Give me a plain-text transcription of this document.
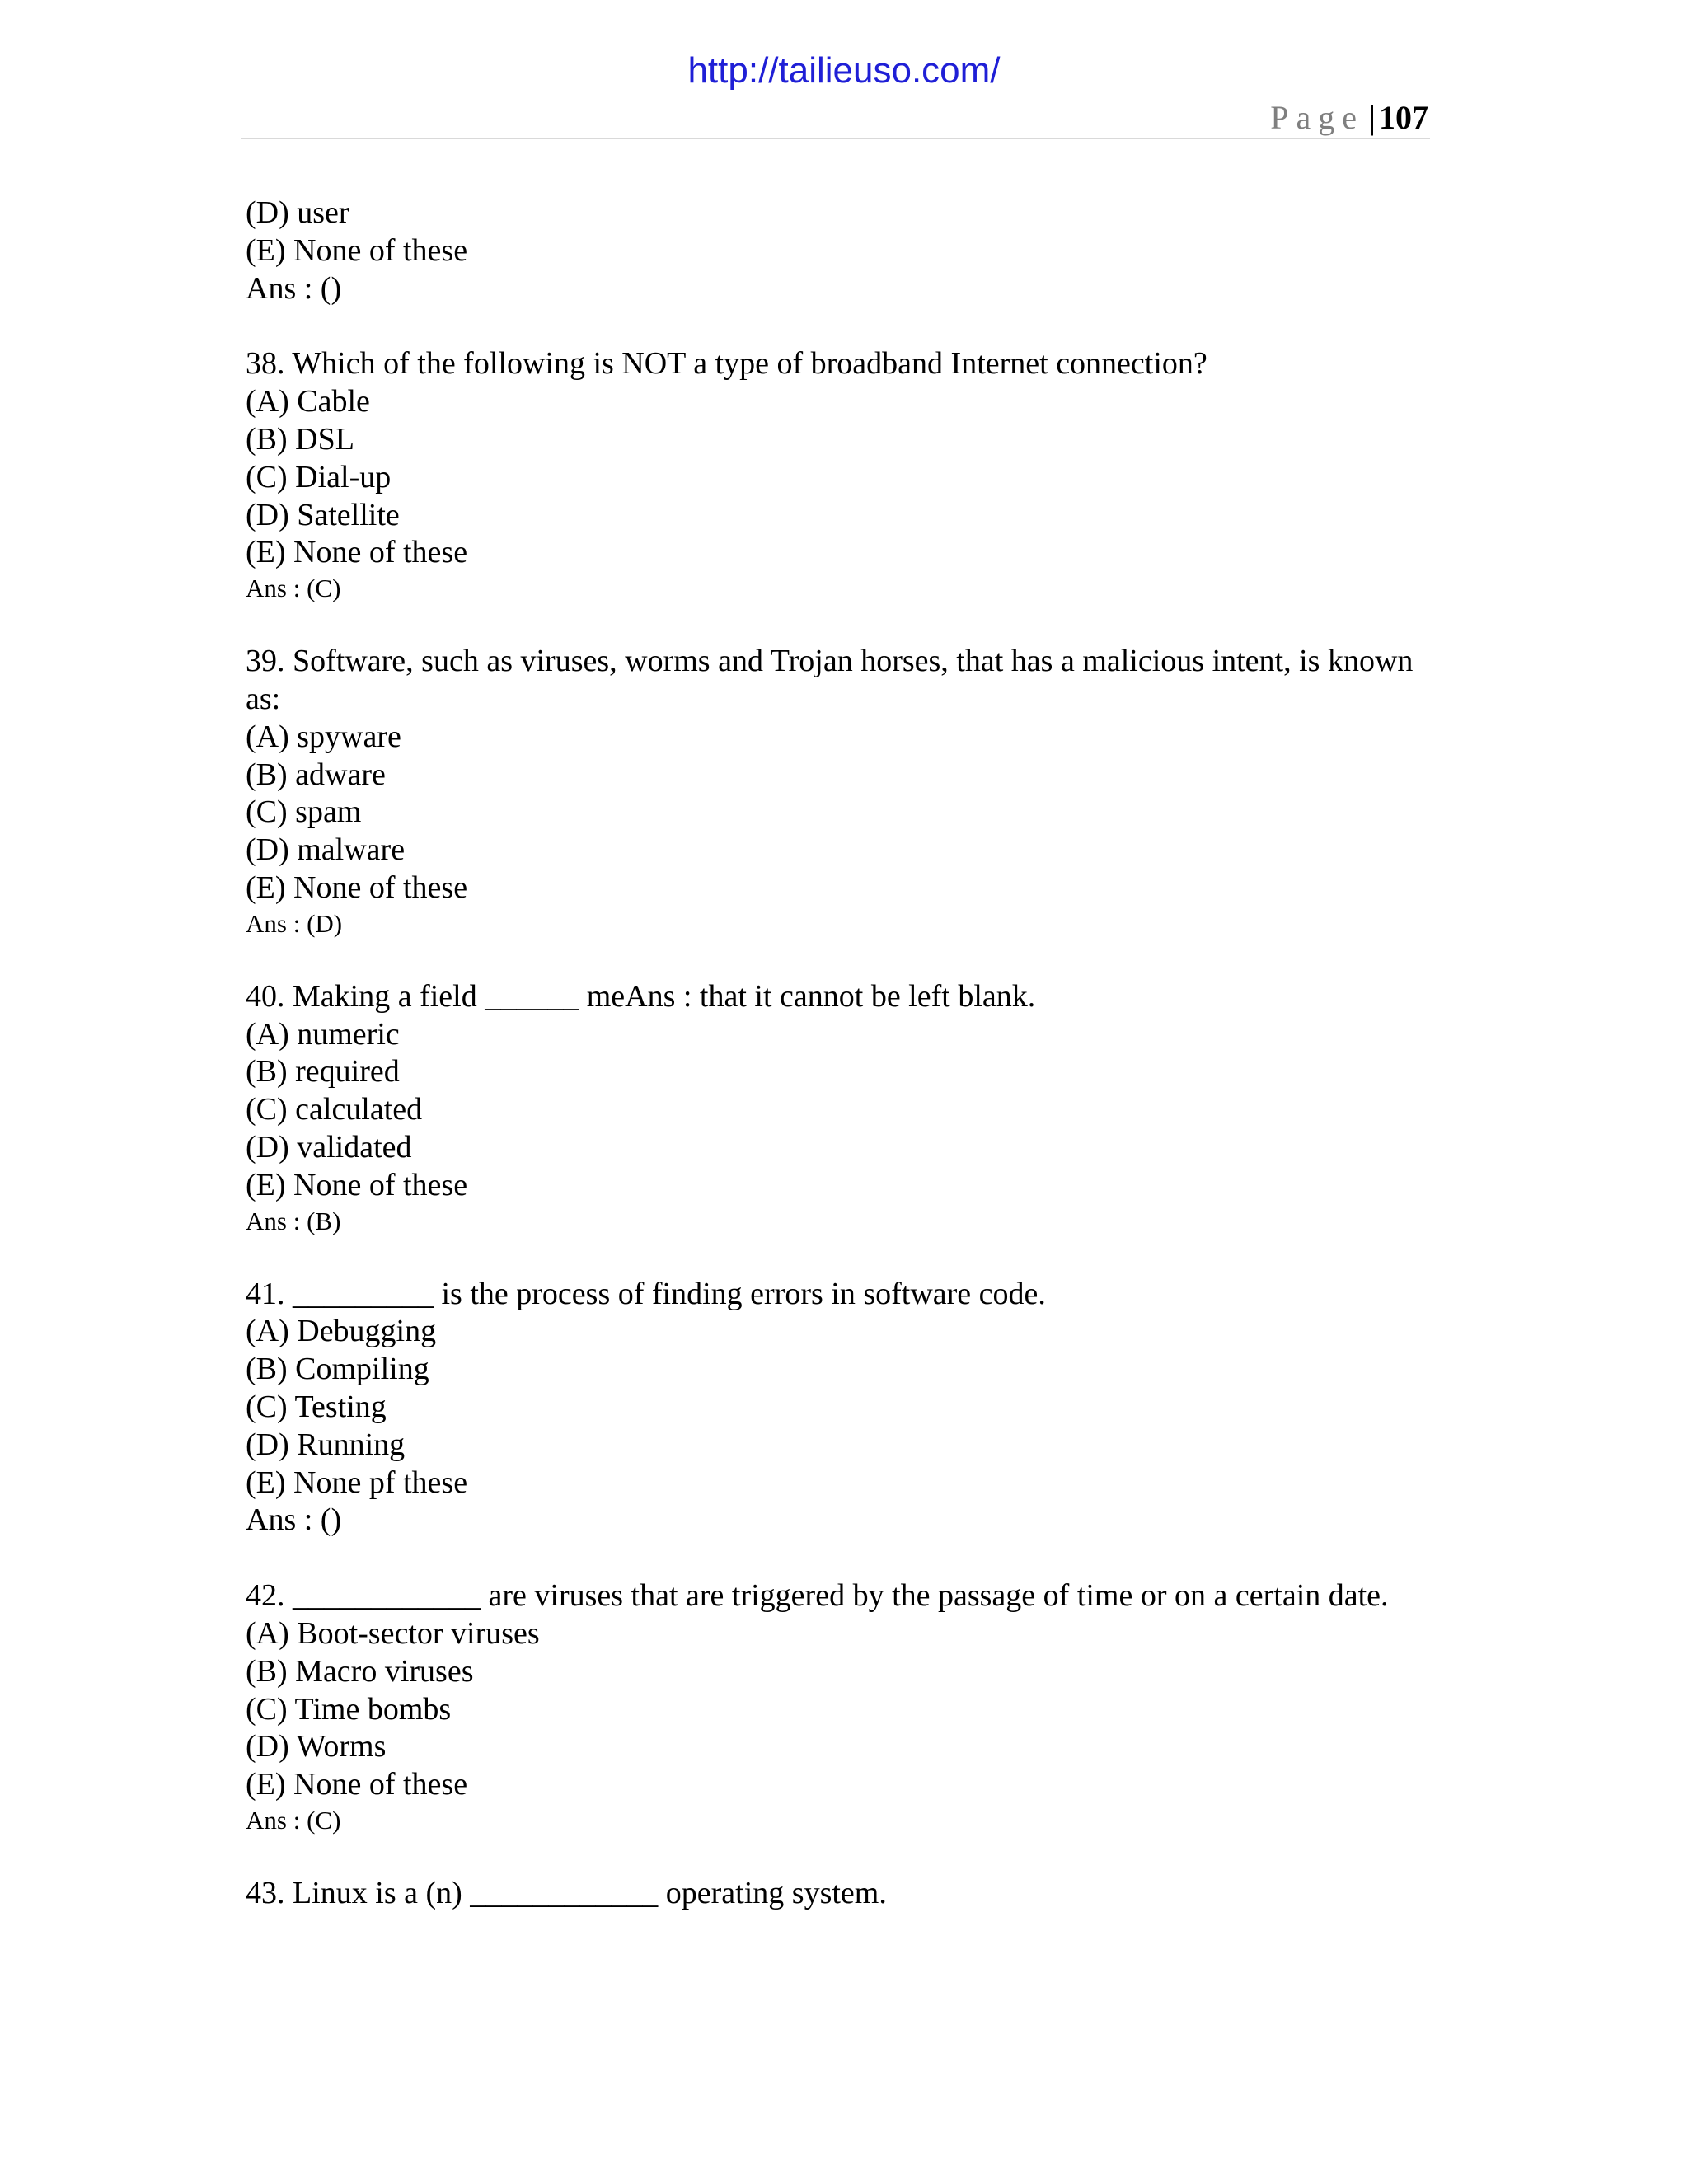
http://tailieuso.com/
Page | 107
(D) user
(E) None of these
Ans : ()
38. Which of the following is NOT a type of broadband Internet connection?
(A) Cable
(B) DSL
(C) Dial-up
(D) Satellite
(E) None of these
Ans : (C)
39. Software, such as viruses, worms and Trojan horses, that has a malicious intent, is known as:
(A) spyware
(B) adware
(C) spam
(D) malware
(E) None of these
Ans : (D)
40. Making a field ______ meAns : that it cannot be left blank.
(A) numeric
(B) required
(C) calculated
(D) validated
(E) None of these
Ans : (B)
41. _________ is the process of finding errors in software code.
(A) Debugging
(B) Compiling
(C) Testing
(D) Running
(E) None pf these
Ans : ()
42. ____________ are viruses that are triggered by the passage of time or on a certain date.
(A) Boot-sector viruses
(B) Macro viruses
(C) Time bombs
(D) Worms
(E) None of these
Ans : (C)
43. Linux is a (n) ____________ operating system.
